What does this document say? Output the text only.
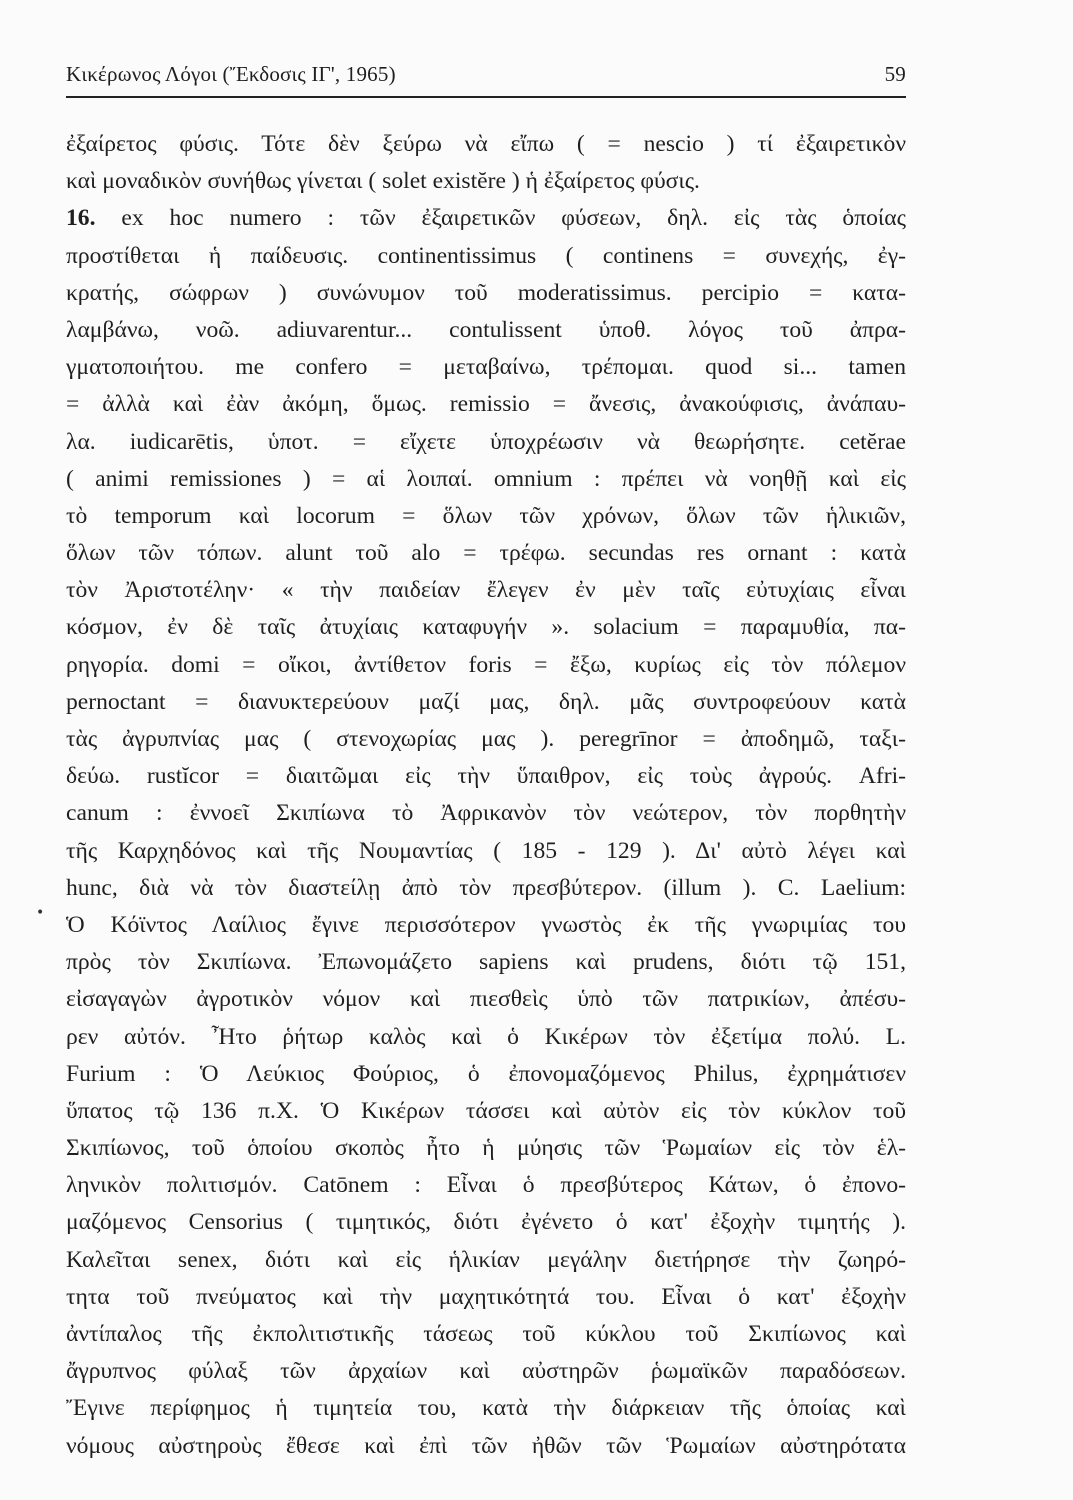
Κικέρωνος Λόγοι (Ἔκδοσις ΙΓ', 1965)	59
•
ἐξαίρετος φύσις. Τότε δὲν ξεύρω νὰ εἴπω ( = nescio ) τί ἐξαιρετικὸν
καὶ μοναδικὸν συνήθως γίνεται ( solet existĕre ) ἡ ἐξαίρετος φύσις.
16. ex hoc numero : τῶν ἐξαιρετικῶν φύσεων, δηλ. εἰς τὰς ὁποίας
προστίθεται ἡ παίδευσις. continentissimus ( continens = συνεχής, ἐγ-
κρατής, σώφρων ) συνώνυμον τοῦ moderatissimus. percipio = κατα-
λαμβάνω, νοῶ. adiuvarentur... contulissent ὑποθ. λόγος τοῦ ἀπρα-
γματοποιήτου. me confero = μεταβαίνω, τρέπομαι. quod si... tamen
= ἀλλὰ καὶ ἐὰν ἀκόμη, ὅμως. remissio = ἄνεσις, ἀνακούφισις, ἀνάπαυ-
λα. iudicarētis, ὑποτ. = εἴχετε ὑποχρέωσιν νὰ θεωρήσητε. cetĕrae
( animi remissiones ) = αἱ λοιπαί. omnium : πρέπει νὰ νοηθῇ καὶ εἰς
τὸ temporum καὶ locorum = ὅλων τῶν χρόνων, ὅλων τῶν ἡλικιῶν,
ὅλων τῶν τόπων. alunt τοῦ alo = τρέφω. secundas res ornant : κατὰ
τὸν Ἀριστοτέλην· « τὴν παιδείαν ἔλεγεν ἐν μὲν ταῖς εὐτυχίαις εἶναι
κόσμον, ἐν δὲ ταῖς ἀτυχίαις καταφυγήν ». solacium = παραμυθία, πα-
ρηγορία. domi = οἴκοι, ἀντίθετον foris = ἔξω, κυρίως εἰς τὸν πόλεμον
pernoctant = διανυκτερεύουν μαζί μας, δηλ. μᾶς συντροφεύουν κατὰ
τὰς ἀγρυπνίας μας ( στενοχωρίας μας ). peregrīnor = ἀποδημῶ, ταξι-
δεύω. rustĭcor = διαιτῶμαι εἰς τὴν ὕπαιθρον, εἰς τοὺς ἀγρούς. Afri-
canum : ἐννοεῖ Σκιπίωνα τὸ Ἀφρικανὸν τὸν νεώτερον, τὸν πορθητὴν
τῆς Καρχηδόνος καὶ τῆς Νουμαντίας ( 185 - 129 ). Δι' αὐτὸ λέγει καὶ
hunc, διὰ νὰ τὸν διαστείλῃ ἀπὸ τὸν πρεσβύτερον. (illum ). C. Laelium:
Ὁ Κόϊντος Λαίλιος ἔγινε περισσότερον γνωστὸς ἐκ τῆς γνωριμίας του
πρὸς τὸν Σκιπίωνα. Ἐπωνομάζετο sapiens καὶ prudens, διότι τῷ 151,
εἰσαγαγὼν ἀγροτικὸν νόμον καὶ πιεσθεὶς ὑπὸ τῶν πατρικίων, ἀπέσυ-
ρεν αὐτόν. Ἦτο ῥήτωρ καλὸς καὶ ὁ Κικέρων τὸν ἐξετίμα πολύ. L.
Furium : Ὁ Λεύκιος Φούριος, ὁ ἐπονομαζόμενος Philus, ἐχρημάτισεν
ὕπατος τῷ 136 π.Χ. Ὁ Κικέρων τάσσει καὶ αὐτὸν εἰς τὸν κύκλον τοῦ
Σκιπίωνος, τοῦ ὁποίου σκοπὸς ἦτο ἡ μύησις τῶν Ῥωμαίων εἰς τὸν ἑλ-
ληνικὸν πολιτισμόν. Catōnem : Εἶναι ὁ πρεσβύτερος Κάτων, ὁ ἐπονο-
μαζόμενος Censorius ( τιμητικός, διότι ἐγένετο ὁ κατ' ἐξοχὴν τιμητής ).
Καλεῖται senex, διότι καὶ εἰς ἡλικίαν μεγάλην διετήρησε τὴν ζωηρό-
τητα τοῦ πνεύματος καὶ τὴν μαχητικότητά του. Εἶναι ὁ κατ' ἐξοχὴν
ἀντίπαλος τῆς ἐκπολιτιστικῆς τάσεως τοῦ κύκλου τοῦ Σκιπίωνος καὶ
ἄγρυπνος φύλαξ τῶν ἀρχαίων καὶ αὐστηρῶν ῥωμαϊκῶν παραδόσεων.
Ἔγινε περίφημος ἡ τιμητεία του, κατὰ τὴν διάρκειαν τῆς ὁποίας καὶ
νόμους αὐστηροὺς ἔθεσε καὶ ἐπὶ τῶν ἠθῶν τῶν Ῥωμαίων αὐστηρότατα
